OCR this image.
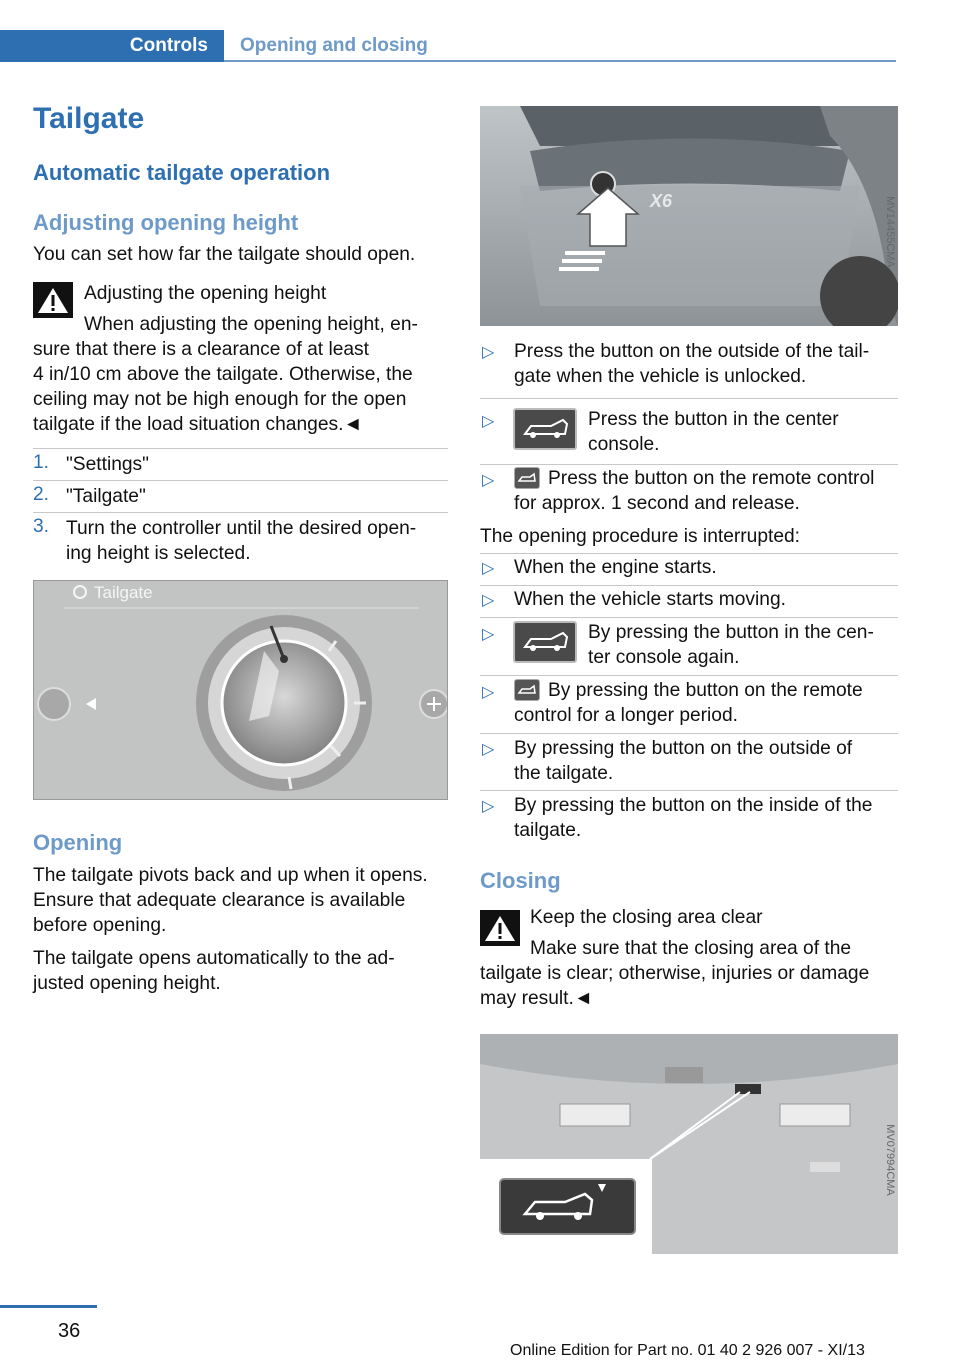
Controls	Opening and closing
Tailgate
Automatic tailgate operation
Adjusting opening height
You can set how far the tailgate should open.
Adjusting the opening height
When adjusting the opening height, en-
sure that there is a clearance of at least
4 in/10 cm above the tailgate. Otherwise, the
ceiling may not be high enough for the open
tailgate if the load situation changes.◄
1. "Settings"
2. "Tailgate"
3. Turn the controller until the desired open-
ing height is selected.
Tailgate
Opening
The tailgate pivots back and up when it opens.
Ensure that adequate clearance is available
before opening.
The tailgate opens automatically to the ad-
justed opening height.
X6	MV14455CMA
▷ Press the button on the outside of the tail-
gate when the vehicle is unlocked.
▷	Press the button in the center
console.
▷	Press the button on the remote control
for approx. 1 second and release.
The opening procedure is interrupted:
▷ When the engine starts.
▷ When the vehicle starts moving.
▷	By pressing the button in the cen-
ter console again.
▷	By pressing the button on the remote
control for a longer period.
▷ By pressing the button on the outside of
the tailgate.
▷ By pressing the button on the inside of the
tailgate.
Closing
Keep the closing area clear
Make sure that the closing area of the
tailgate is clear; otherwise, injuries or damage
may result.◄
MV07994CMA
36
Online Edition for Part no. 01 40 2 926 007 - XI/13
